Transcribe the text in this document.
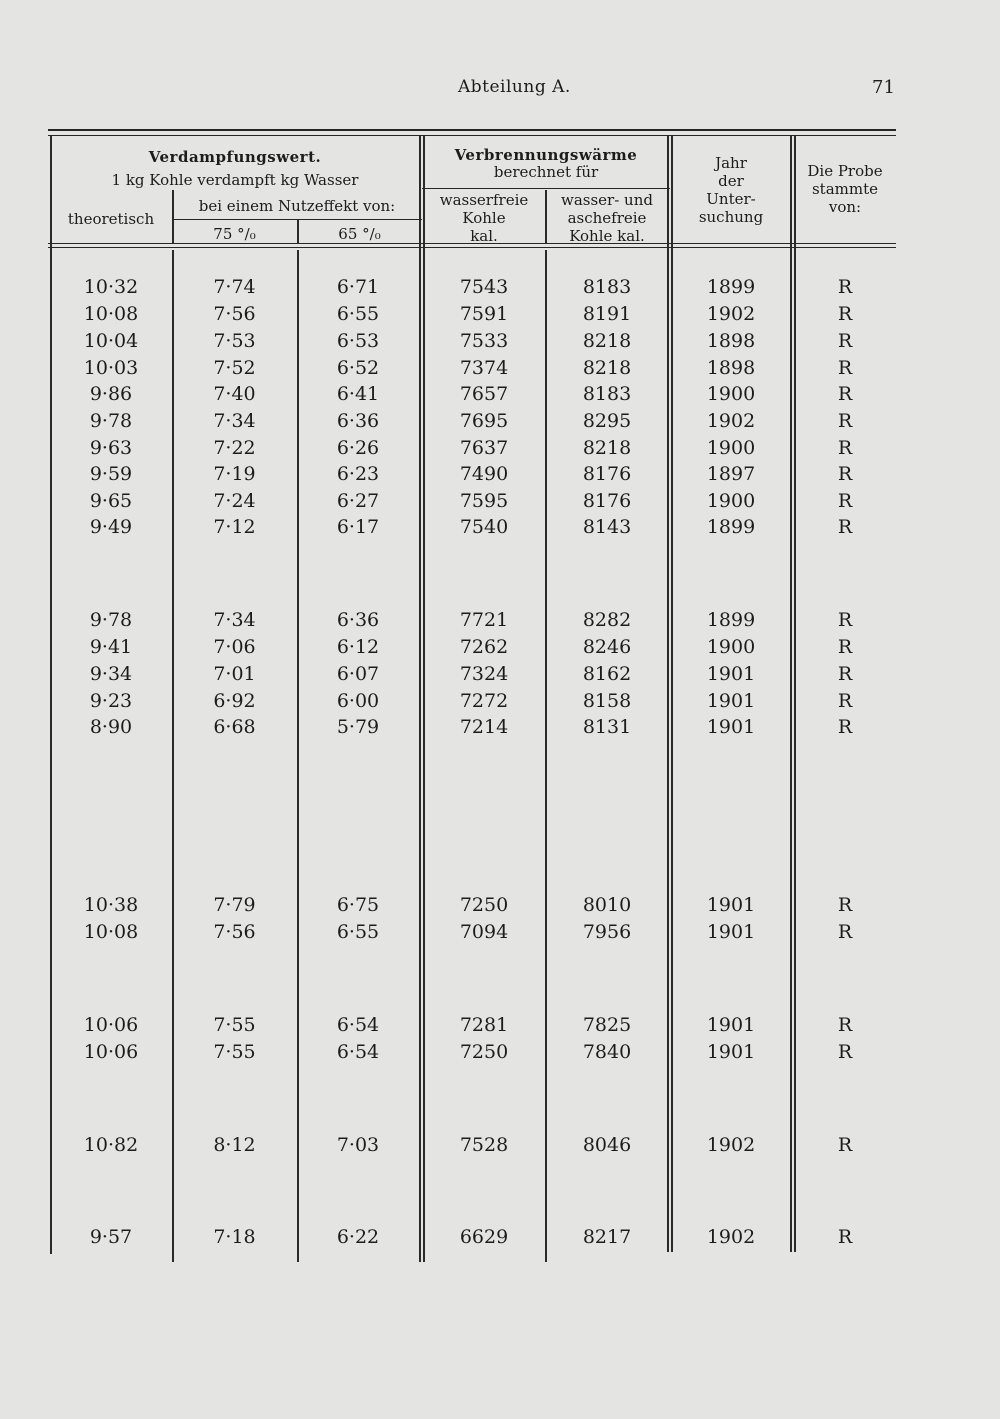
Abteilung A.	71
Verdampfungswert.
1 kg Kohle verdampft kg Wasser
theoretisch
bei einem Nutzeffekt von:
75 °/₀	65 °/₀
Verbrennungswärme
berechnet für
wasserfreie
Kohle
kal.
wasser- und
aschefreie
Kohle kal.
Jahr
der
Unter-
suchung
Die Probe
stammte
von:
10·32	7·74	6·71	7543	8183	1899	R
10·08	7·56	6·55	7591	8191	1902	R
10·04	7·53	6·53	7533	8218	1898	R
10·03	7·52	6·52	7374	8218	1898	R
9·86	7·40	6·41	7657	8183	1900	R
9·78	7·34	6·36	7695	8295	1902	R
9·63	7·22	6·26	7637	8218	1900	R
9·59	7·19	6·23	7490	8176	1897	R
9·65	7·24	6·27	7595	8176	1900	R
9·49	7·12	6·17	7540	8143	1899	R
9·78	7·34	6·36	7721	8282	1899	R
9·41	7·06	6·12	7262	8246	1900	R
9·34	7·01	6·07	7324	8162	1901	R
9·23	6·92	6·00	7272	8158	1901	R
8·90	6·68	5·79	7214	8131	1901	R
10·38	7·79	6·75	7250	8010	1901	R
10·08	7·56	6·55	7094	7956	1901	R
10·06	7·55	6·54	7281	7825	1901	R
10·06	7·55	6·54	7250	7840	1901	R
10·82	8·12	7·03	7528	8046	1902	R
9·57	7·18	6·22	6629	8217	1902	R
